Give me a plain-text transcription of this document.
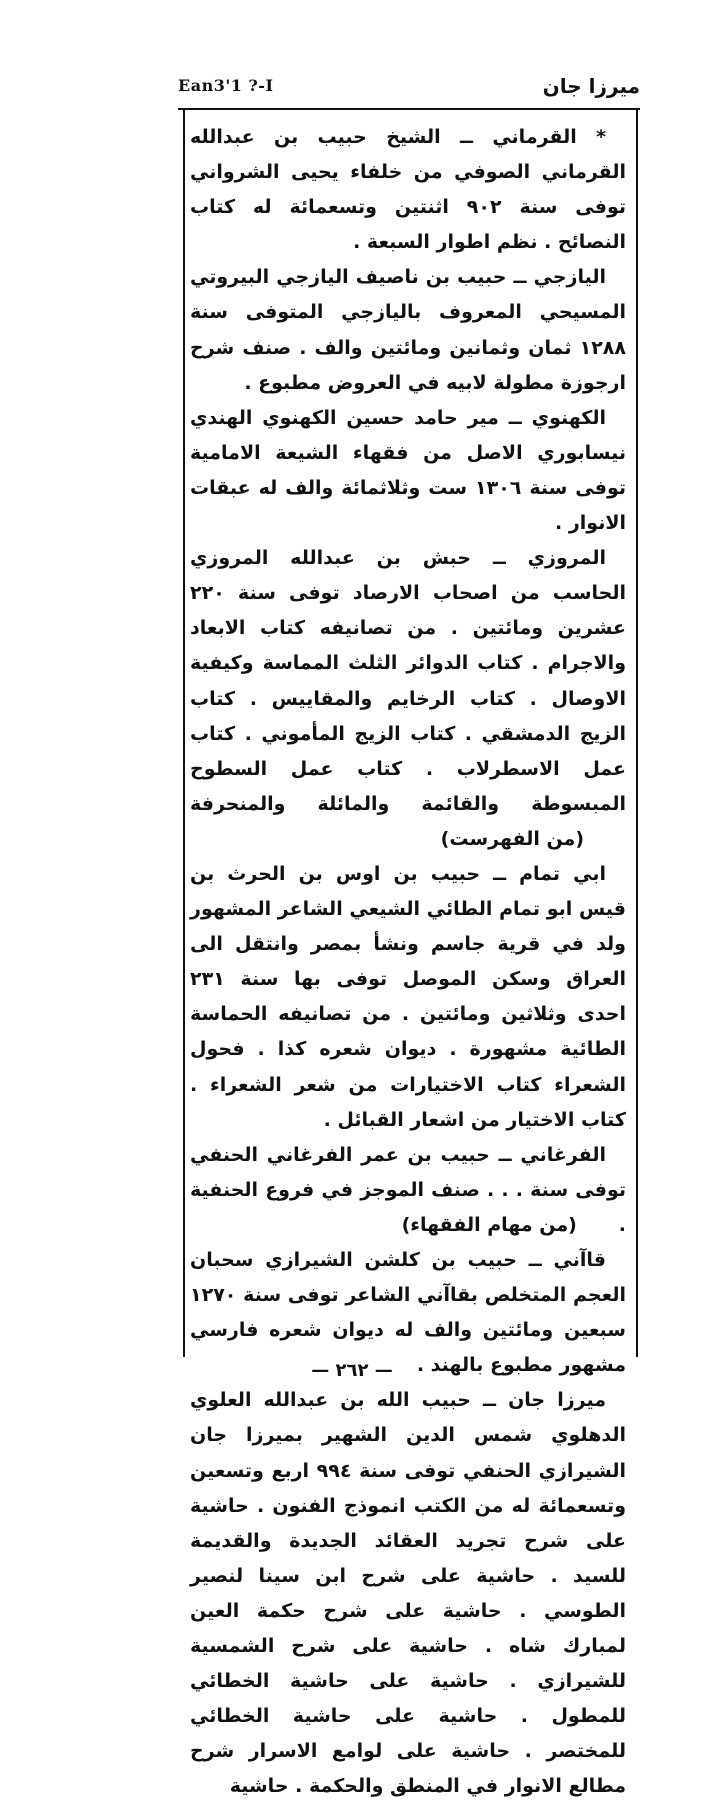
ميرزا جان
Ean3'1 ?-I

* القرماني ــ الشيخ حبيب بن عبدالله القرماني الصوفي من خلفاء يحيى الشرواني توفى سنة ٩٠٢ اثنتين وتسعمائة له كتاب النصائح . نظم اطوار السبعة .

اليازجي ــ حبيب بن ناصيف اليازجي البيروتي المسيحي المعروف باليازجي المتوفى سنة ١٢٨٨ ثمان وثمانين ومائتين والف . صنف شرح ارجوزة مطولة لابيه في العروض مطبوع .

الكهنوي ــ مير حامد حسين الكهنوي الهندي نيسابوري الاصل من فقهاء الشيعة الامامية توفى سنة ١٣٠٦ ست وثلاثمائة والف له عبقات الانوار .

المروزي ــ حبش بن عبدالله المروزي الحاسب من اصحاب الارصاد توفى سنة ٢٢٠ عشرين ومائتين . من تصانيفه كتاب الابعاد والاجرام . كتاب الدوائر الثلث المماسة وكيفية الاوصال . كتاب الرخايم والمقاييس . كتاب الزيج الدمشقي . كتاب الزيج المأموني . كتاب عمل الاسطرلاب . كتاب عمل السطوح المبسوطة والقائمة والمائلة والمنحرفة(من الفهرست)

ابي تمام ــ حبيب بن اوس بن الحرث بن قيس ابو تمام الطائي الشيعي الشاعر المشهور ولد في قرية جاسم ونشأ بمصر وانتقل الى العراق وسكن الموصل توفى بها سنة ٢٣١ احدى وثلاثين ومائتين . من تصانيفه الحماسة الطائية مشهورة . ديوان شعره كذا . فحول الشعراء كتاب الاختيارات من شعر الشعراء . كتاب الاختيار من اشعار القبائل .

الفرغاني ــ حبيب بن عمر الفرغاني الحنفي توفى سنة . . . صنف الموجز في فروع الحنفية .(من مهام الفقهاء)

قاآني ــ حبيب بن كلشن الشيرازي سحبان العجم المتخلص بقاآني الشاعر توفى سنة ١٢٧٠ سبعين ومائتين والف له ديوان شعره فارسي مشهور مطبوع بالهند .

ميرزا جان ــ حبيب الله بن عبدالله العلوي الدهلوي شمس الدين الشهير بميرزا جان الشيرازي الحنفي توفى سنة ٩٩٤ اربع وتسعين وتسعمائة له من الكتب انموذج الفنون . حاشية على شرح تجريد العقائد الجديدة والقديمة للسيد . حاشية على شرح ابن سينا لنصير الطوسي . حاشية على شرح حكمة العين لمبارك شاه . حاشية على شرح الشمسية للشيرازي . حاشية على حاشية الخطائي للمطول . حاشية على حاشية الخطائي للمختصر . حاشية على لوامع الاسرار شرح مطالع الانوار في المنطق والحكمة . حاشية

— ٢٦٢ —
